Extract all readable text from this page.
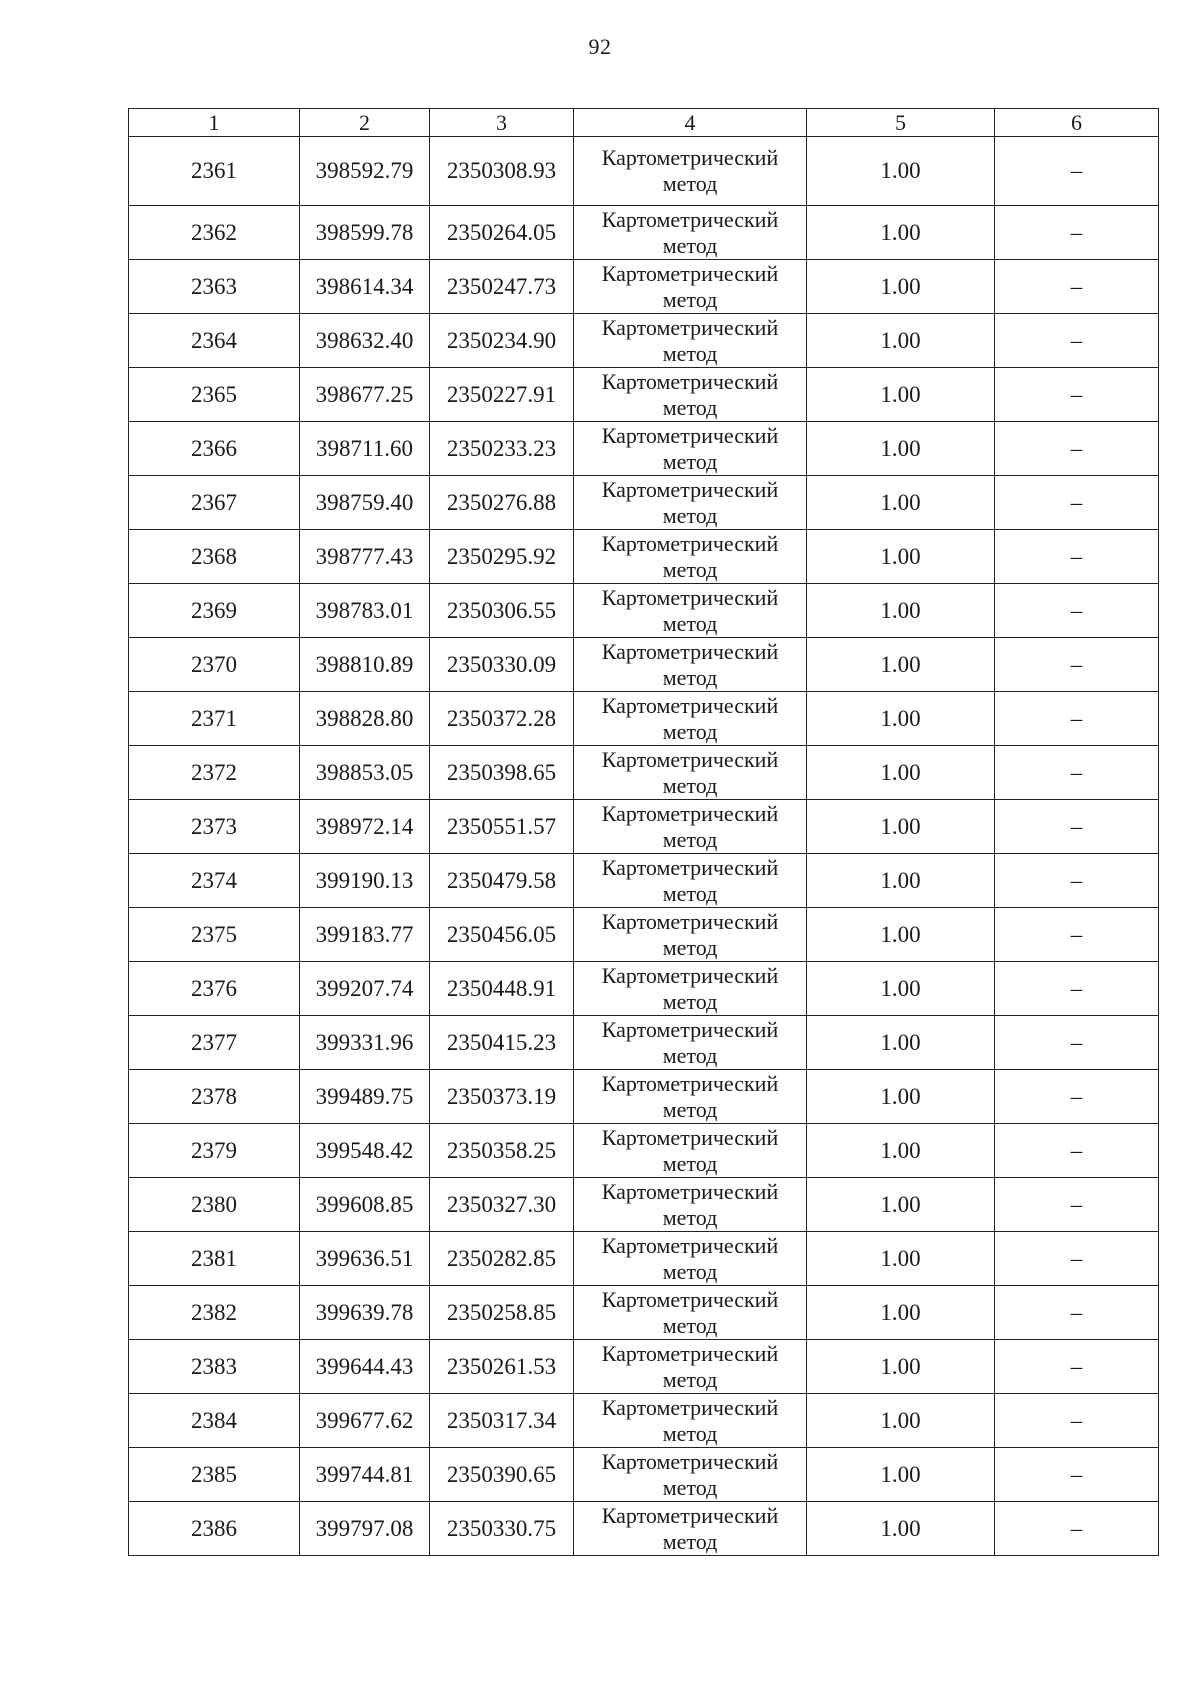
92
1	2	3	4	5	6
2361	398592.79	2350308.93	Картометрический
метод	1.00	–
2362	398599.78	2350264.05	Картометрический
метод	1.00	–
2363	398614.34	2350247.73	Картометрический
метод	1.00	–
2364	398632.40	2350234.90	Картометрический
метод	1.00	–
2365	398677.25	2350227.91	Картометрический
метод	1.00	–
2366	398711.60	2350233.23	Картометрический
метод	1.00	–
2367	398759.40	2350276.88	Картометрический
метод	1.00	–
2368	398777.43	2350295.92	Картометрический
метод	1.00	–
2369	398783.01	2350306.55	Картометрический
метод	1.00	–
2370	398810.89	2350330.09	Картометрический
метод	1.00	–
2371	398828.80	2350372.28	Картометрический
метод	1.00	–
2372	398853.05	2350398.65	Картометрический
метод	1.00	–
2373	398972.14	2350551.57	Картометрический
метод	1.00	–
2374	399190.13	2350479.58	Картометрический
метод	1.00	–
2375	399183.77	2350456.05	Картометрический
метод	1.00	–
2376	399207.74	2350448.91	Картометрический
метод	1.00	–
2377	399331.96	2350415.23	Картометрический
метод	1.00	–
2378	399489.75	2350373.19	Картометрический
метод	1.00	–
2379	399548.42	2350358.25	Картометрический
метод	1.00	–
2380	399608.85	2350327.30	Картометрический
метод	1.00	–
2381	399636.51	2350282.85	Картометрический
метод	1.00	–
2382	399639.78	2350258.85	Картометрический
метод	1.00	–
2383	399644.43	2350261.53	Картометрический
метод	1.00	–
2384	399677.62	2350317.34	Картометрический
метод	1.00	–
2385	399744.81	2350390.65	Картометрический
метод	1.00	–
2386	399797.08	2350330.75	Картометрический
метод	1.00	–
